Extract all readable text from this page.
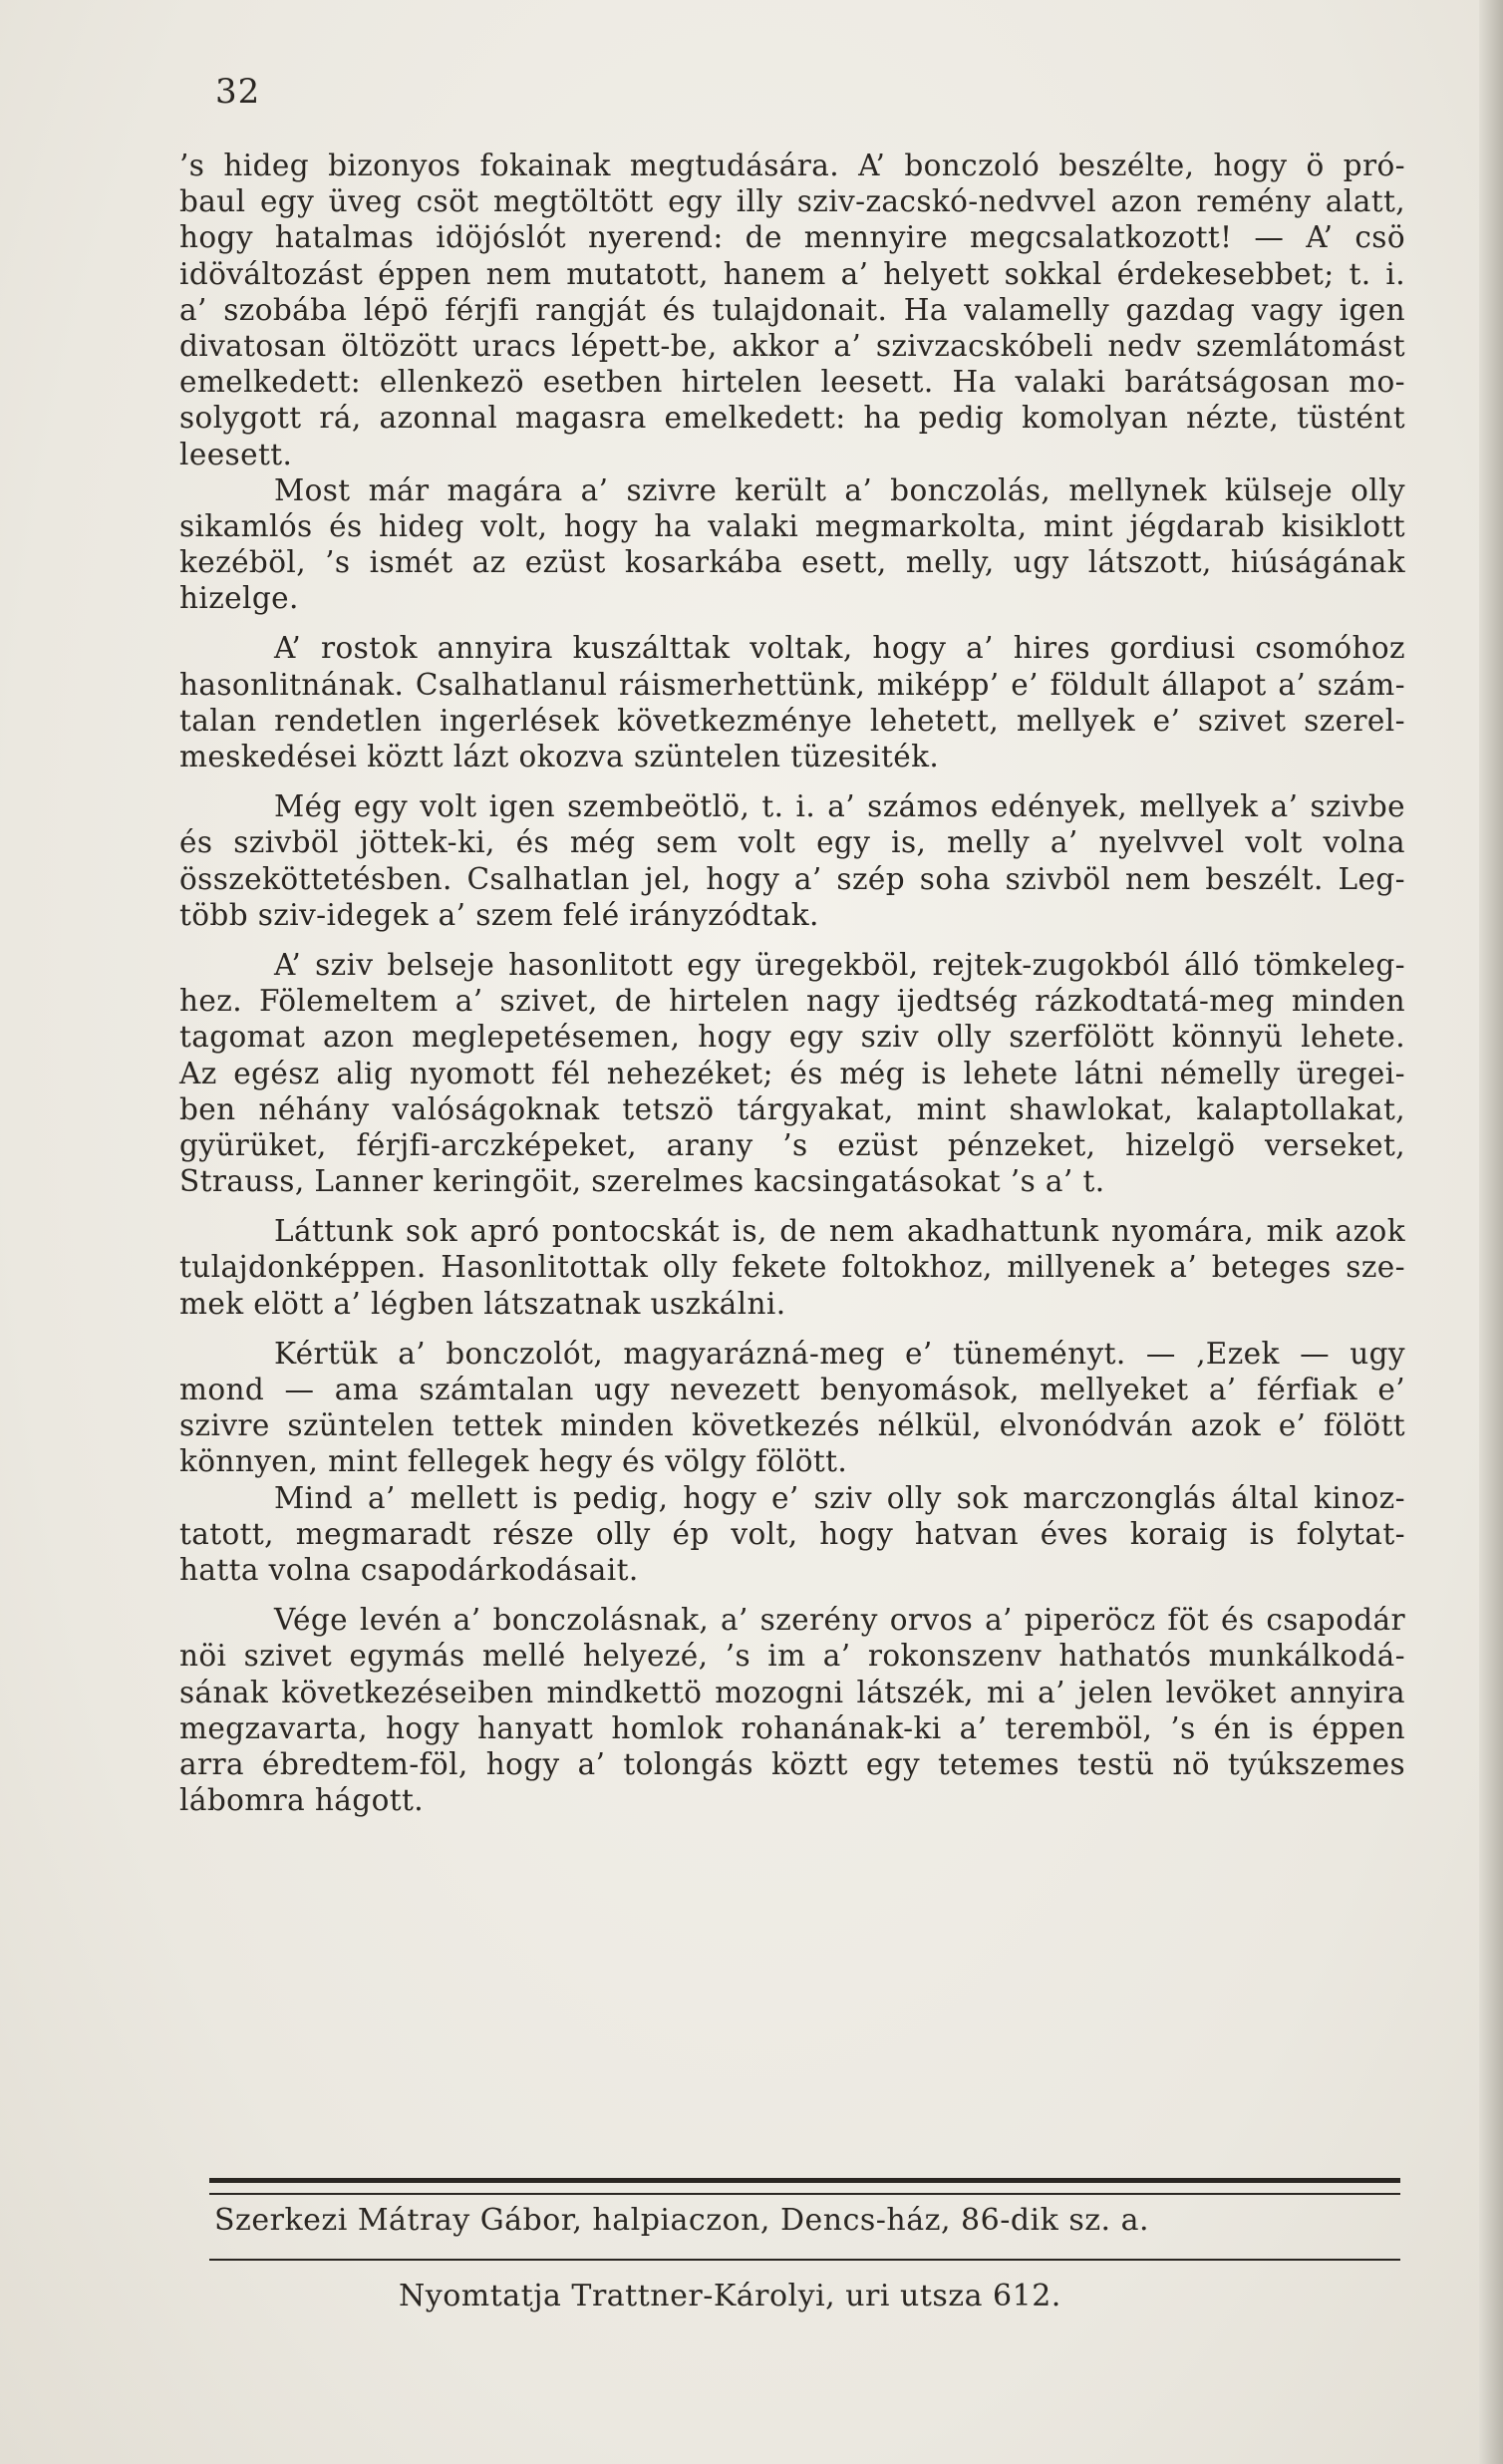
32
’s hideg bizonyos fokainak megtudására. A’ bonczoló beszélte, hogy ö pró-
baul egy üveg csöt megtöltött egy illy sziv-zacskó-nedvvel azon remény alatt,
hogy hatalmas idöjóslót nyerend: de mennyire megcsalatkozott! — A’ csö
idöváltozást éppen nem mutatott, hanem a’ helyett sokkal érdekesebbet; t. i.
a’ szobába lépö férjfi rangját és tulajdonait. Ha valamelly gazdag vagy igen
divatosan öltözött uracs lépett-be, akkor a’ szivzacskóbeli nedv szemlátomást
emelkedett: ellenkezö esetben hirtelen leesett. Ha valaki barátságosan mo-
solygott rá, azonnal magasra emelkedett: ha pedig komolyan nézte, tüstént
leesett.
Most már magára a’ szivre került a’ bonczolás, mellynek külseje olly
sikamlós és hideg volt, hogy ha valaki megmarkolta, mint jégdarab kisiklott
kezéböl, ’s ismét az ezüst kosarkába esett, melly, ugy látszott, hiúságának
hizelge.
A’ rostok annyira kuszálttak voltak, hogy a’ hires gordiusi csomóhoz
hasonlitnának. Csalhatlanul ráismerhettünk, miképp’ e’ földult állapot a’ szám-
talan rendetlen ingerlések következménye lehetett, mellyek e’ szivet szerel-
meskedései köztt lázt okozva szüntelen tüzesiték.
Még egy volt igen szembeötlö, t. i. a’ számos edények, mellyek a’ szivbe
és szivböl jöttek-ki, és még sem volt egy is, melly a’ nyelvvel volt volna
összeköttetésben. Csalhatlan jel, hogy a’ szép soha szivböl nem beszélt. Leg-
több sziv-idegek a’ szem felé irányzódtak.
A’ sziv belseje hasonlitott egy üregekböl, rejtek-zugokból álló tömkeleg-
hez. Fölemeltem a’ szivet, de hirtelen nagy ijedtség rázkodtatá-meg minden
tagomat azon meglepetésemen, hogy egy sziv olly szerfölött könnyü lehete.
Az egész alig nyomott fél nehezéket; és még is lehete látni némelly üregei-
ben néhány valóságoknak tetszö tárgyakat, mint shawlokat, kalaptollakat,
gyürüket, férjfi-arczképeket, arany ’s ezüst pénzeket, hizelgö verseket,
Strauss, Lanner keringöit, szerelmes kacsingatásokat ’s a’ t.
Láttunk sok apró pontocskát is, de nem akadhattunk nyomára, mik azok
tulajdonképpen. Hasonlitottak olly fekete foltokhoz, millyenek a’ beteges sze-
mek elött a’ légben látszatnak uszkálni.
Kértük a’ bonczolót, magyarázná-meg e’ tüneményt. — ‚Ezek — ugy
mond — ama számtalan ugy nevezett benyomások, mellyeket a’ férfiak e’
szivre szüntelen tettek minden következés nélkül, elvonódván azok e’ fölött
könnyen, mint fellegek hegy és völgy fölött.
Mind a’ mellett is pedig, hogy e’ sziv olly sok marczonglás által kinoz-
tatott, megmaradt része olly ép volt, hogy hatvan éves koraig is folytat-
hatta volna csapodárkodásait.
Vége levén a’ bonczolásnak, a’ szerény orvos a’ piperöcz föt és csapodár
nöi szivet egymás mellé helyezé, ’s im a’ rokonszenv hathatós munkálkodá-
sának következéseiben mindkettö mozogni látszék, mi a’ jelen levöket annyira
megzavarta, hogy hanyatt homlok rohanának-ki a’ teremböl, ’s én is éppen
arra ébredtem-föl, hogy a’ tolongás köztt egy tetemes testü nö tyúkszemes
lábomra hágott.
Szerkezi Mátray Gábor, halpiaczon, Dencs-ház, 86-dik sz. a.
Nyomtatja Trattner-Károlyi, uri utsza 612.
